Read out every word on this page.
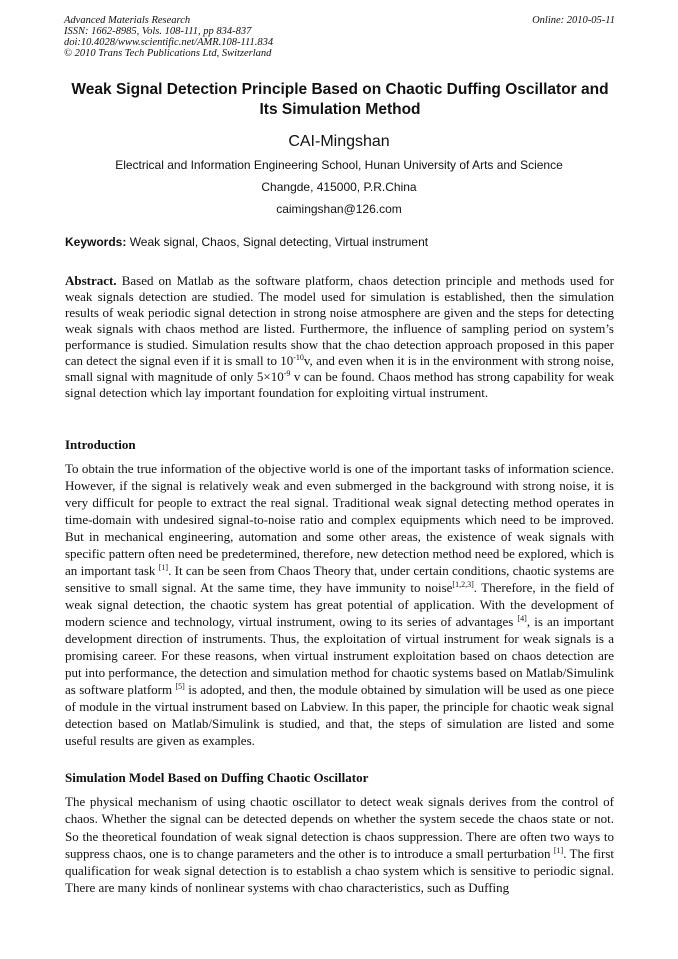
Advanced Materials Research
ISSN: 1662-8985, Vols. 108-111, pp 834-837
doi:10.4028/www.scientific.net/AMR.108-111.834
© 2010 Trans Tech Publications Ltd, Switzerland
Online: 2010-05-11
Weak Signal Detection Principle Based on Chaotic Duffing Oscillator and
Its Simulation Method
CAI-Mingshan
Electrical and Information Engineering School, Hunan University of Arts and Science
Changde, 415000, P.R.China
caimingshan@126.com
Keywords: Weak signal, Chaos, Signal detecting, Virtual instrument
Abstract. Based on Matlab as the software platform, chaos detection principle and methods used for weak signals detection are studied. The model used for simulation is established, then the simulation results of weak periodic signal detection in strong noise atmosphere are given and the steps for detecting weak signals with chaos method are listed. Furthermore, the influence of sampling period on system’s performance is studied. Simulation results show that the chao detection approach proposed in this paper can detect the signal even if it is small to $10^{-10}v$, and even when it is in the environment with strong noise, small signal with magnitude of only $5\times 10^{-9}$ v can be found. Chaos method has strong capability for weak signal detection which lay important foundation for exploiting virtual instrument.
Introduction
To obtain the true information of the objective world is one of the important tasks of information science. However, if the signal is relatively weak and even submerged in the background with strong noise, it is very difficult for people to extract the real signal. Traditional weak signal detecting method operates in time-domain with undesired signal-to-noise ratio and complex equipments which need to be improved. But in mechanical engineering, automation and some other areas, the existence of weak signals with specific pattern often need be predetermined, therefore, new detection method need be explored, which is an important task [1]. It can be seen from Chaos Theory that, under certain conditions, chaotic systems are sensitive to small signal. At the same time, they have immunity to noise[1,2,3]. Therefore, in the field of weak signal detection, the chaotic system has great potential of application. With the development of modern science and technology, virtual instrument, owing to its series of advantages [4], is an important development direction of instruments. Thus, the exploitation of virtual instrument for weak signals is a promising career. For these reasons, when virtual instrument exploitation based on chaos detection are put into performance, the detection and simulation method for chaotic systems based on Matlab/Simulink as software platform [5] is adopted, and then, the module obtained by simulation will be used as one piece of module in the virtual instrument based on Labview. In this paper, the principle for chaotic weak signal detection based on Matlab/Simulink is studied, and that, the steps of simulation are listed and some useful results are given as examples.
Simulation Model Based on Duffing Chaotic Oscillator
The physical mechanism of using chaotic oscillator to detect weak signals derives from the control of chaos. Whether the signal can be detected depends on whether the system secede the chaos state or not. So the theoretical foundation of weak signal detection is chaos suppression. There are often two ways to suppress chaos, one is to change parameters and the other is to introduce a small perturbation [1]. The first qualification for weak signal detection is to establish a chao system which is sensitive to periodic signal. There are many kinds of nonlinear systems with chao characteristics, such as Duffing
